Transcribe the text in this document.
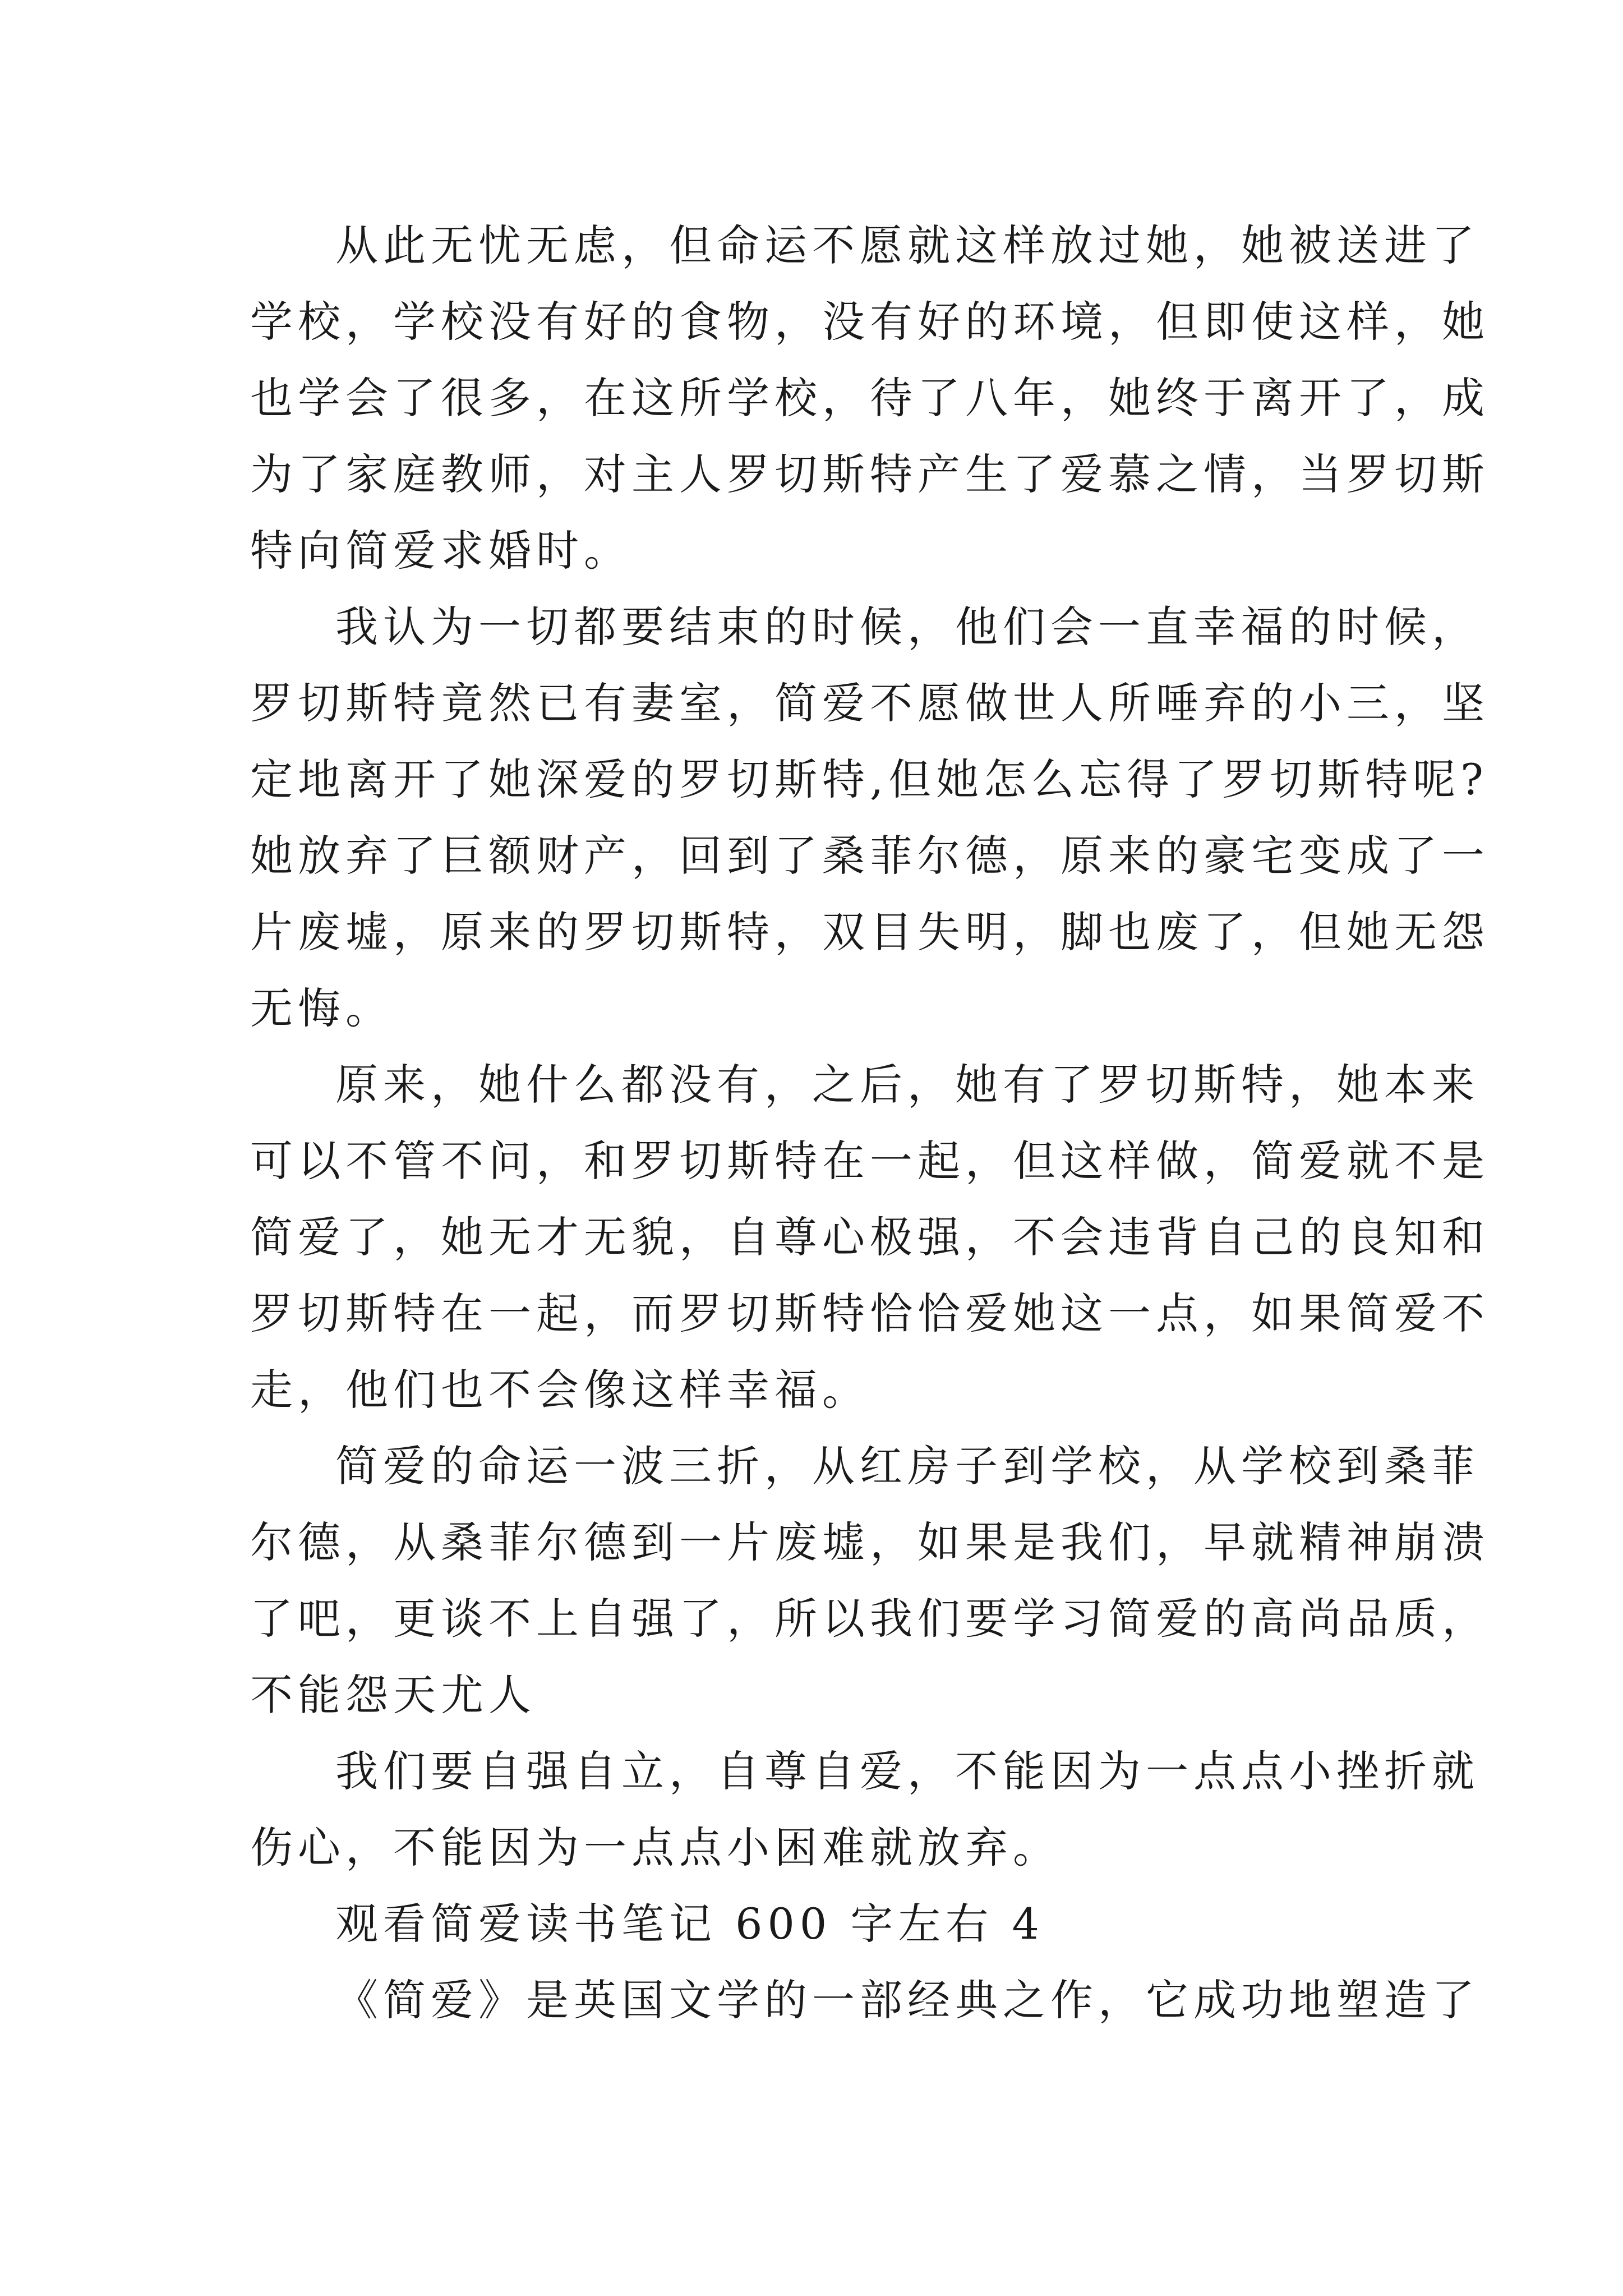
从此无忧无虑，但命运不愿就这样放过她，她被送进了
学校，学校没有好的食物，没有好的环境，但即使这样，她
也学会了很多，在这所学校，待了八年，她终于离开了，成
为了家庭教师，对主人罗切斯特产生了爱慕之情，当罗切斯
特向简爱求婚时。
我认为一切都要结束的时候，他们会一直幸福的时候，
罗切斯特竟然已有妻室，简爱不愿做世人所唾弃的小三，坚
定地离开了她深爱的罗切斯特,但她怎么忘得了罗切斯特呢?
她放弃了巨额财产，回到了桑菲尔德，原来的豪宅变成了一
片废墟，原来的罗切斯特，双目失明，脚也废了，但她无怨
无悔。
原来，她什么都没有，之后，她有了罗切斯特，她本来
可以不管不问，和罗切斯特在一起，但这样做，简爱就不是
简爱了，她无才无貌，自尊心极强，不会违背自己的良知和
罗切斯特在一起，而罗切斯特恰恰爱她这一点，如果简爱不
走，他们也不会像这样幸福。
简爱的命运一波三折，从红房子到学校，从学校到桑菲
尔德，从桑菲尔德到一片废墟，如果是我们，早就精神崩溃
了吧，更谈不上自强了，所以我们要学习简爱的高尚品质，
不能怨天尤人
我们要自强自立，自尊自爱，不能因为一点点小挫折就
伤心，不能因为一点点小困难就放弃。
观看简爱读书笔记 600 字左右 4
《简爱》是英国文学的一部经典之作，它成功地塑造了
